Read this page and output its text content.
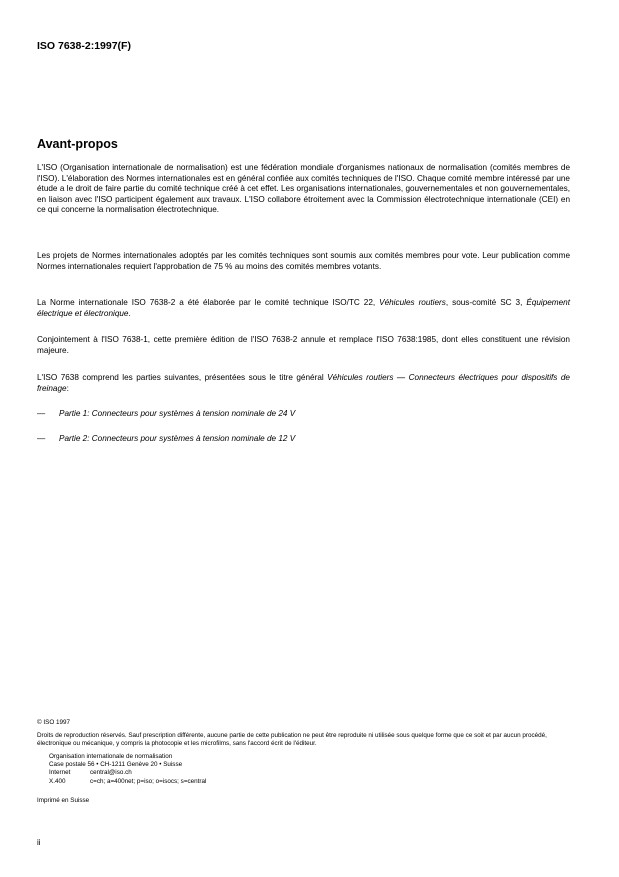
ISO 7638-2:1997(F)
Avant-propos
L'ISO (Organisation internationale de normalisation) est une fédération mondiale d'organismes nationaux de normalisation (comités membres de l'ISO). L'élaboration des Normes internationales est en général confiée aux comités techniques de l'ISO. Chaque comité membre intéressé par une étude a le droit de faire partie du comité technique créé à cet effet. Les organisations internationales, gouvernementales et non gouvernementales, en liaison avec l'ISO participent également aux travaux. L'ISO collabore étroitement avec la Commission électrotechnique internationale (CEI) en ce qui concerne la normalisation électrotechnique.
Les projets de Normes internationales adoptés par les comités techniques sont soumis aux comités membres pour vote. Leur publication comme Normes internationales requiert l'approbation de 75 % au moins des comités membres votants.
La Norme internationale ISO 7638-2 a été élaborée par le comité technique ISO/TC 22, Véhicules routiers, sous-comité SC 3, Équipement électrique et électronique.
Conjointement à l'ISO 7638-1, cette première édition de l'ISO 7638-2 annule et remplace l'ISO 7638:1985, dont elles constituent une révision majeure.
L'ISO 7638 comprend les parties suivantes, présentées sous le titre général Véhicules routiers — Connecteurs électriques pour dispositifs de freinage:
— Partie 1: Connecteurs pour systèmes à tension nominale de 24 V
— Partie 2: Connecteurs pour systèmes à tension nominale de 12 V
© ISO 1997
Droits de reproduction réservés. Sauf prescription différente, aucune partie de cette publication ne peut être reproduite ni utilisée sous quelque forme que ce soit et par aucun procédé, électronique ou mécanique, y compris la photocopie et les microfilms, sans l'accord écrit de l'éditeur.
Organisation internationale de normalisation
Case postale 56 • CH-1211 Genève 20 • Suisse
Internet	central@iso.ch
X.400	c=ch; a=400net; p=iso; o=isocs; s=central
Imprimé en Suisse
ii
